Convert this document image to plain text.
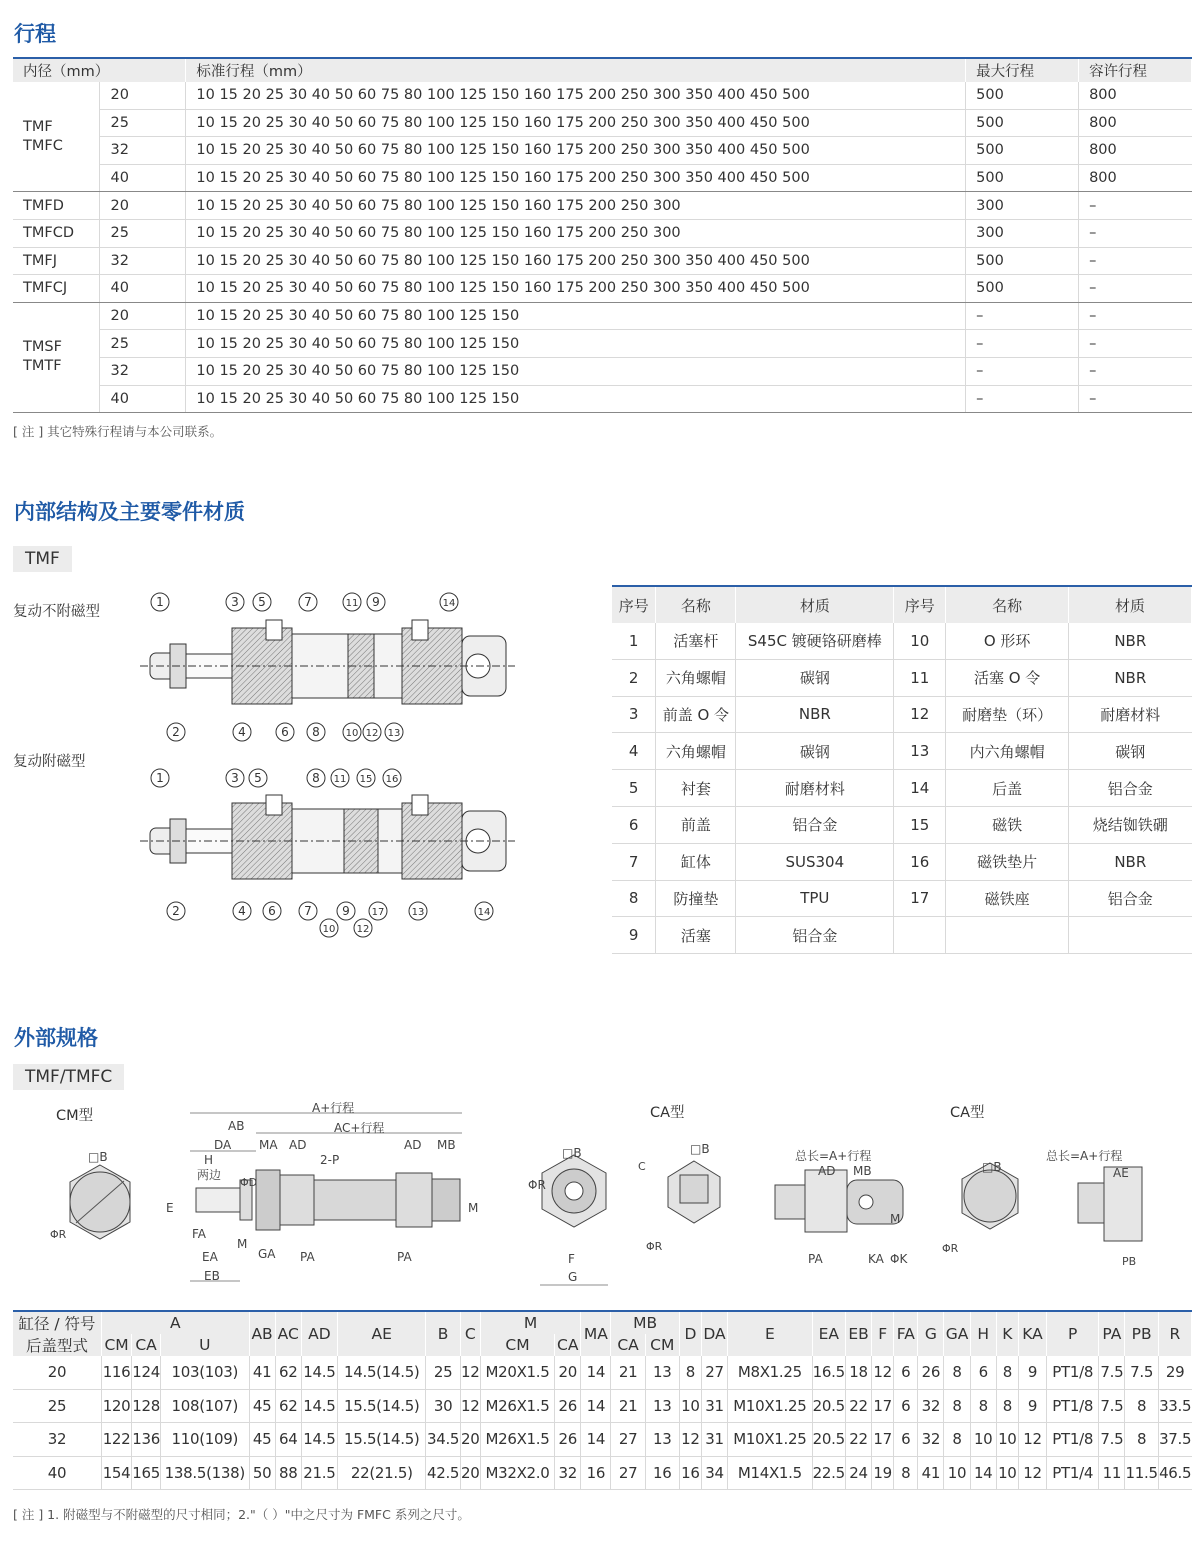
行程
内径（mm）		标准行程（mm）	最大行程	容许行程
TMF
TMFC	20	10 15 20 25 30 40 50 60 75 80 100 125 150 160 175 200 250 300 350 400 450 500	500	800
	25	10 15 20 25 30 40 50 60 75 80 100 125 150 160 175 200 250 300 350 400 450 500	500	800
	32	10 15 20 25 30 40 50 60 75 80 100 125 150 160 175 200 250 300 350 400 450 500	500	800
	40	10 15 20 25 30 40 50 60 75 80 100 125 150 160 175 200 250 300 350 400 450 500	500	800
TMFD	20	10 15 20 25 30 40 50 60 75 80 100 125 150 160 175 200 250 300	300	–
TMFCD	25	10 15 20 25 30 40 50 60 75 80 100 125 150 160 175 200 250 300	300	–
TMFJ	32	10 15 20 25 30 40 50 60 75 80 100 125 150 160 175 200 250 300 350 400 450 500	500	–
TMFCJ	40	10 15 20 25 30 40 50 60 75 80 100 125 150 160 175 200 250 300 350 400 450 500	500	–
TMSF
TMTF	20	10 15 20 25 30 40 50 60 75 80 100 125 150	–	–
	25	10 15 20 25 30 40 50 60 75 80 100 125 150	–	–
	32	10 15 20 25 30 40 50 60 75 80 100 125 150	–	–
	40	10 15 20 25 30 40 50 60 75 80 100 125 150	–	–
[ 注 ] 其它特殊行程请与本公司联系。
内部结构及主要零件材质
TMF
复动不附磁型
复动附磁型
1	3 5	7	11 9	14
2	4	6 8	10 12 13
1	3 5	8 11 15 16
2	4 6 7	9 17	13	14
10 12
序号	名称	材质	序号	名称	材质
1	活塞杆	S45C 镀硬铬研磨棒	10	O 形环	NBR
2	六角螺帽	碳钢	11	活塞 O 令	NBR
3	前盖 O 令	NBR	12	耐磨垫（环）	耐磨材料
4	六角螺帽	碳钢	13	内六角螺帽	碳钢
5	衬套	耐磨材料	14	后盖	铝合金
6	前盖	铝合金	15	磁铁	烧结铷铁硼
7	缸体	SUS304	16	磁铁垫片	NBR
8	防撞垫	TPU	17	磁铁座	铝合金
9	活塞	铝合金			
外部规格
TMF/TMFC
CM型	CA型	CA型
A+行程
AC+行程
AB
DA MA AD	AD MB
H
两边
2-P
ΦD
E
FA
EA
EB
M
GA PA	PA
M
□B
ΦR
□B
ΦR
F
G
C
□B
ΦR
总长=A+行程
AD MB
M
PA	KA ΦK
□B
ΦR
总长=A+行程
AE
PB
缸径 / 符号	A			AB	AC	AD	AE	B	C	M		MA	MB		D	DA	E	EA	EB	F	FA	G	GA	H	K	KA	P	PA	PB	R
后盖型式	CM	CA	U							CM	CA		CA	CM																
20	116	124	103(103)	41	62	14.5	14.5(14.5)	25	12	M20X1.5	20	14	21	13	8	27	M8X1.25	16.5	18	12	6	26	8	6	8	9	PT1/8	7.5	7.5	29
25	120	128	108(107)	45	62	14.5	15.5(14.5)	30	12	M26X1.5	26	14	21	13	10	31	M10X1.25	20.5	22	17	6	32	8	8	8	9	PT1/8	7.5	8	33.5
32	122	136	110(109)	45	64	14.5	15.5(14.5)	34.5	20	M26X1.5	26	14	27	13	12	31	M10X1.25	20.5	22	17	6	32	8	10	10	12	PT1/8	7.5	8	37.5
40	154	165	138.5(138)	50	88	21.5	22(21.5)	42.5	20	M32X2.0	32	16	27	16	16	34	M14X1.5	22.5	24	19	8	41	10	14	10	12	PT1/4	11	11.5	46.5
[ 注 ] 1. 附磁型与不附磁型的尺寸相同；2."（ ）"中之尺寸为 FMFC 系列之尺寸。
